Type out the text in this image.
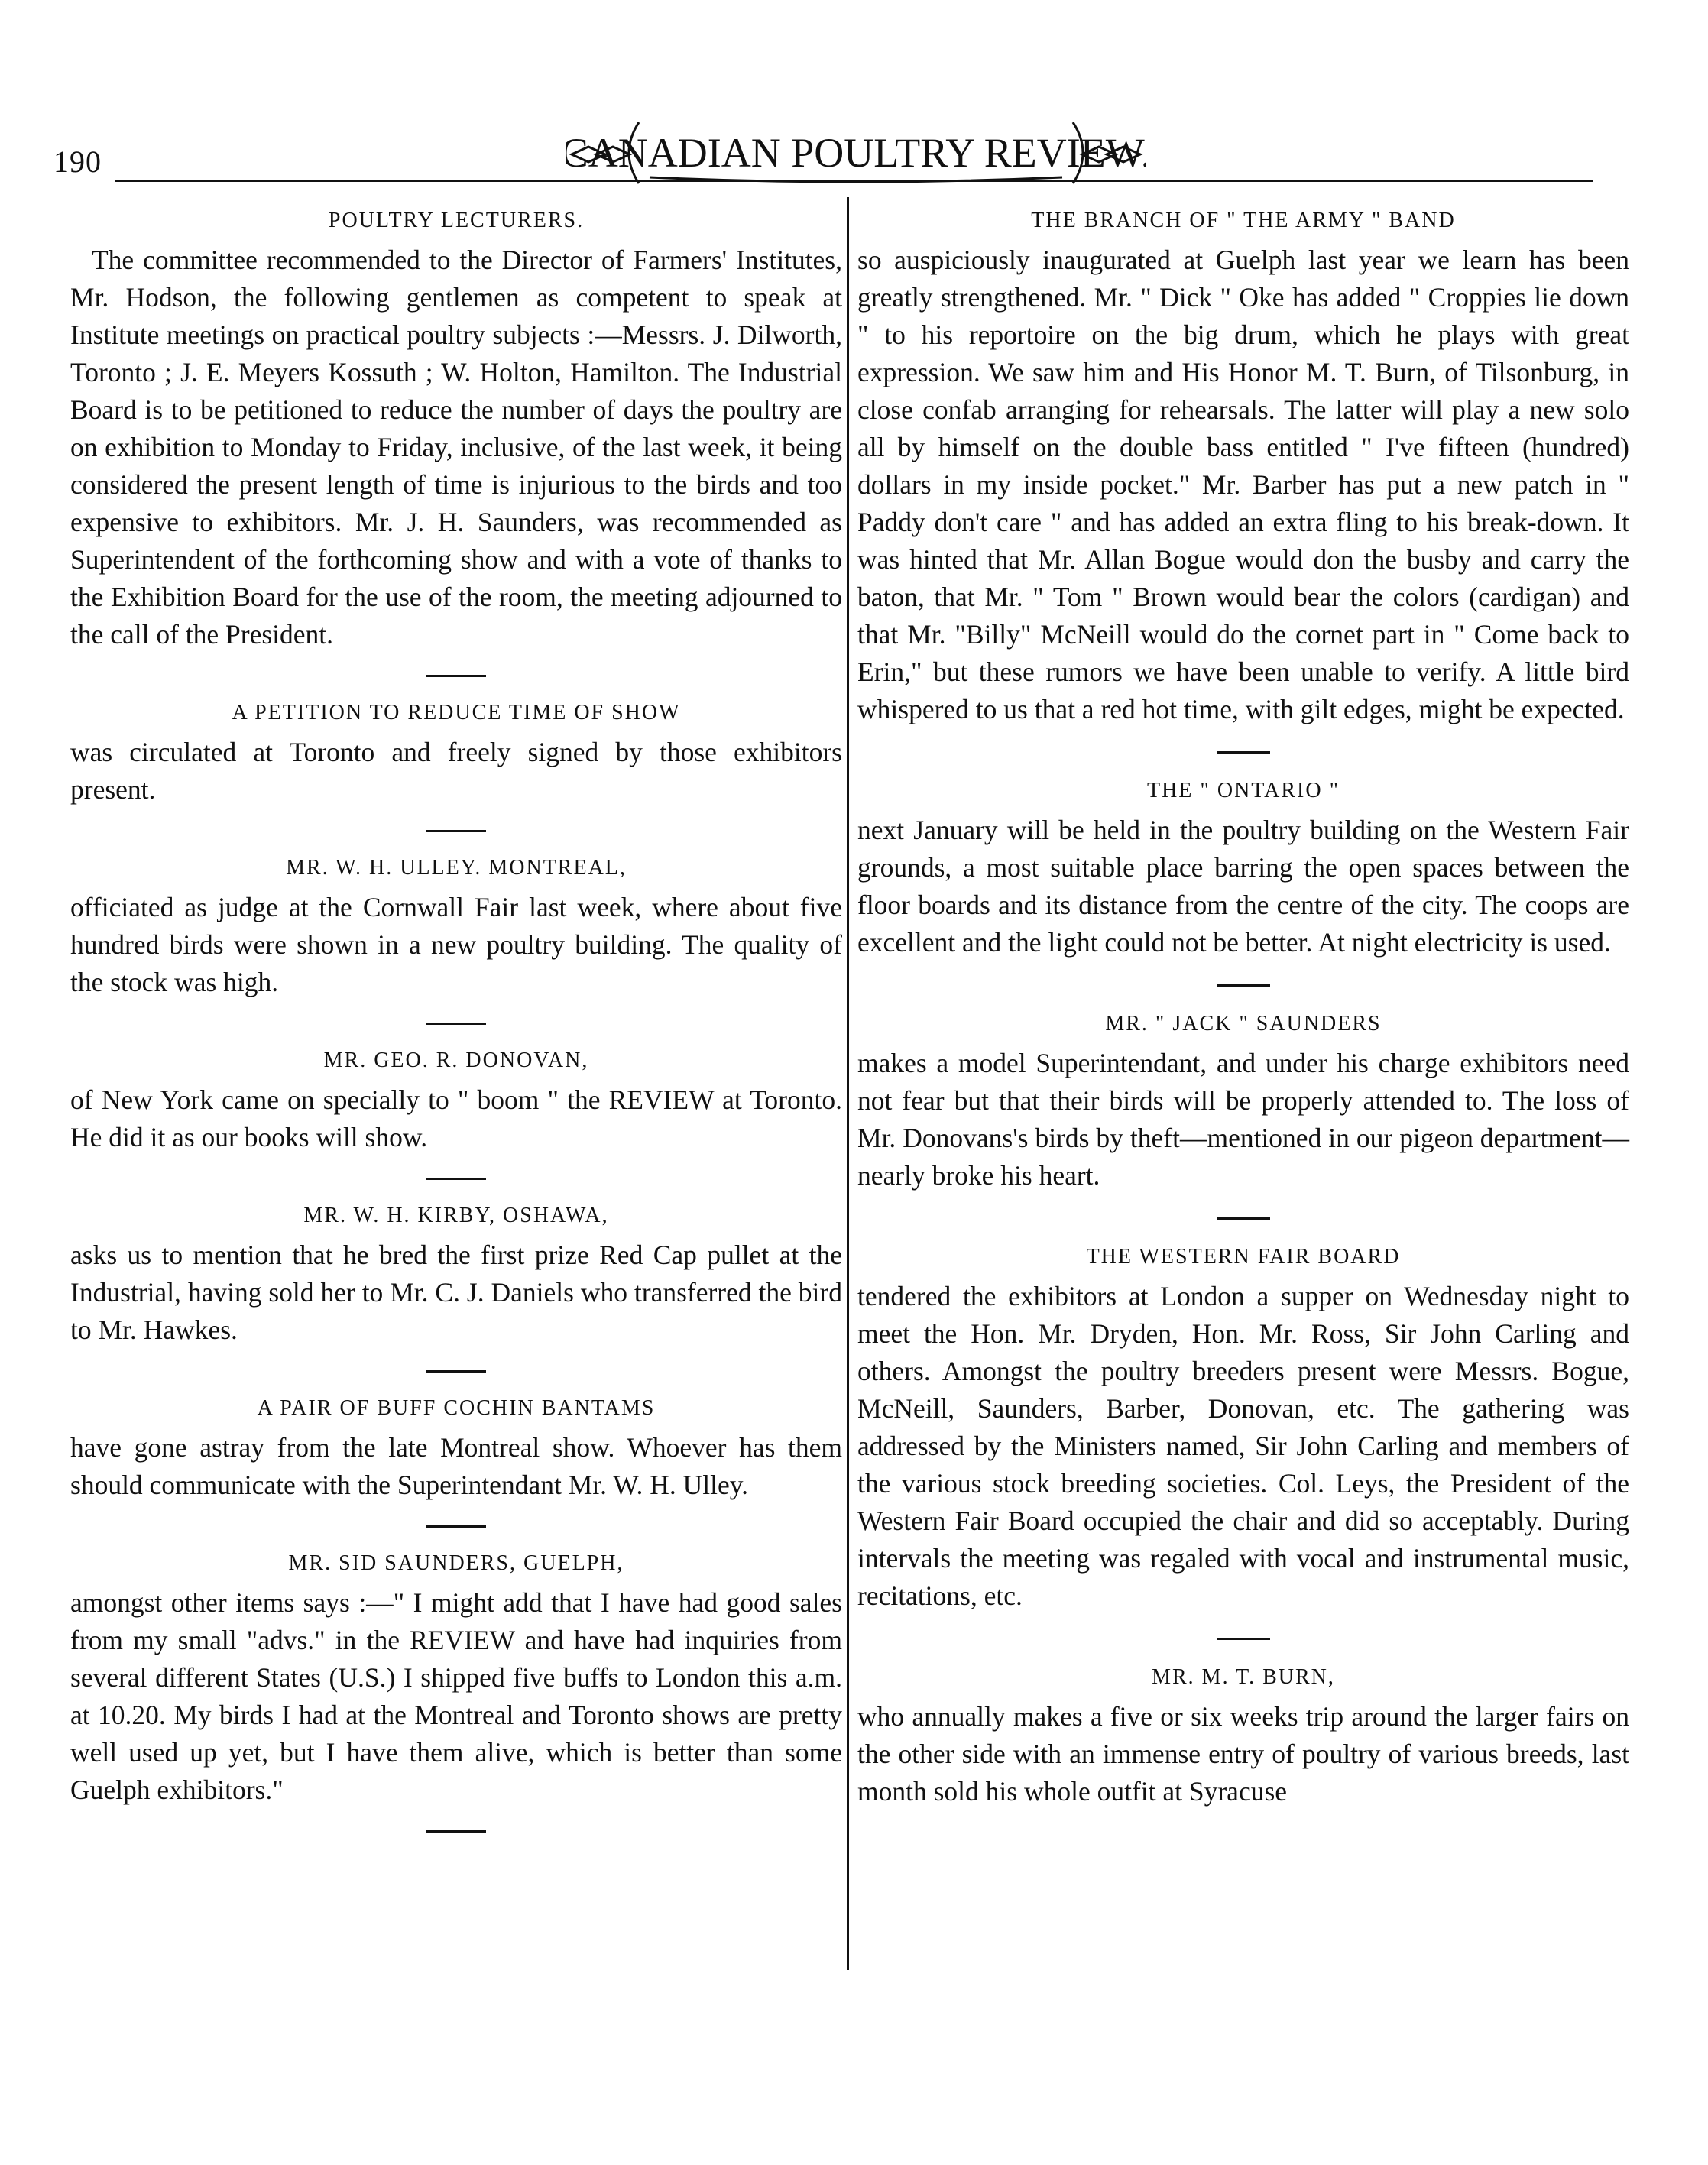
190	CANADIAN POULTRY REVIEW.
POULTRY LECTURERS.

The committee recommended to the Director of Farmers' Institutes, Mr. Hodson, the following gentlemen as competent to speak at Institute meetings on practical poultry subjects :—Messrs. J. Dilworth, Toronto ; J. E. Meyers Kossuth ; W. Holton, Hamilton. The Industrial Board is to be petitioned to reduce the number of days the poultry are on exhibition to Monday to Friday, inclusive, of the last week, it being considered the present length of time is injurious to the birds and too expensive to exhibitors. Mr. J. H. Saunders, was recommended as Superintendent of the forthcoming show and with a vote of thanks to the Exhibition Board for the use of the room, the meeting adjourned to the call of the President.

A PETITION TO REDUCE TIME OF SHOW

was circulated at Toronto and freely signed by those exhibitors present.

MR. W. H. ULLEY. MONTREAL,

officiated as judge at the Cornwall Fair last week, where about five hundred birds were shown in a new poultry building. The quality of the stock was high.

MR. GEO. R. DONOVAN,

of New York came on specially to " boom " the REVIEW at Toronto. He did it as our books will show.

MR. W. H. KIRBY, OSHAWA,

asks us to mention that he bred the first prize Red Cap pullet at the Industrial, having sold her to Mr. C. J. Daniels who transferred the bird to Mr. Hawkes.

A PAIR OF BUFF COCHIN BANTAMS

have gone astray from the late Montreal show. Whoever has them should communicate with the Superintendant Mr. W. H. Ulley.

MR. SID SAUNDERS, GUELPH,

amongst other items says :—" I might add that I have had good sales from my small "advs." in the REVIEW and have had inquiries from several different States (U.S.) I shipped five buffs to London this a.m. at 10.20. My birds I had at the Montreal and Toronto shows are pretty well used up yet, but I have them alive, which is better than some Guelph exhibitors."

THE BRANCH OF " THE ARMY " BAND

so auspiciously inaugurated at Guelph last year we learn has been greatly strengthened. Mr. " Dick " Oke has added " Croppies lie down " to his reportoire on the big drum, which he plays with great expression. We saw him and His Honor M. T. Burn, of Tilsonburg, in close confab arranging for rehearsals. The latter will play a new solo all by himself on the double bass entitled " I've fifteen (hundred) dollars in my inside pocket." Mr. Barber has put a new patch in " Paddy don't care " and has added an extra fling to his break-down. It was hinted that Mr. Allan Bogue would don the busby and carry the baton, that Mr. " Tom " Brown would bear the colors (cardigan) and that Mr. "Billy" McNeill would do the cornet part in " Come back to Erin," but these rumors we have been unable to verify. A little bird whispered to us that a red hot time, with gilt edges, might be expected.

THE " ONTARIO "

next January will be held in the poultry building on the Western Fair grounds, a most suitable place barring the open spaces between the floor boards and its distance from the centre of the city. The coops are excellent and the light could not be better. At night electricity is used.

MR. " JACK " SAUNDERS

makes a model Superintendant, and under his charge exhibitors need not fear but that their birds will be properly attended to. The loss of Mr. Donovans's birds by theft—mentioned in our pigeon department—nearly broke his heart.

THE WESTERN FAIR BOARD

tendered the exhibitors at London a supper on Wednesday night to meet the Hon. Mr. Dryden, Hon. Mr. Ross, Sir John Carling and others. Amongst the poultry breeders present were Messrs. Bogue, McNeill, Saunders, Barber, Donovan, etc. The gathering was addressed by the Ministers named, Sir John Carling and members of the various stock breeding societies. Col. Leys, the President of the Western Fair Board occupied the chair and did so acceptably. During intervals the meeting was regaled with vocal and instrumental music, recitations, etc.

MR. M. T. BURN,

who annually makes a five or six weeks trip around the larger fairs on the other side with an immense entry of poultry of various breeds, last month sold his whole outfit at Syracuse
